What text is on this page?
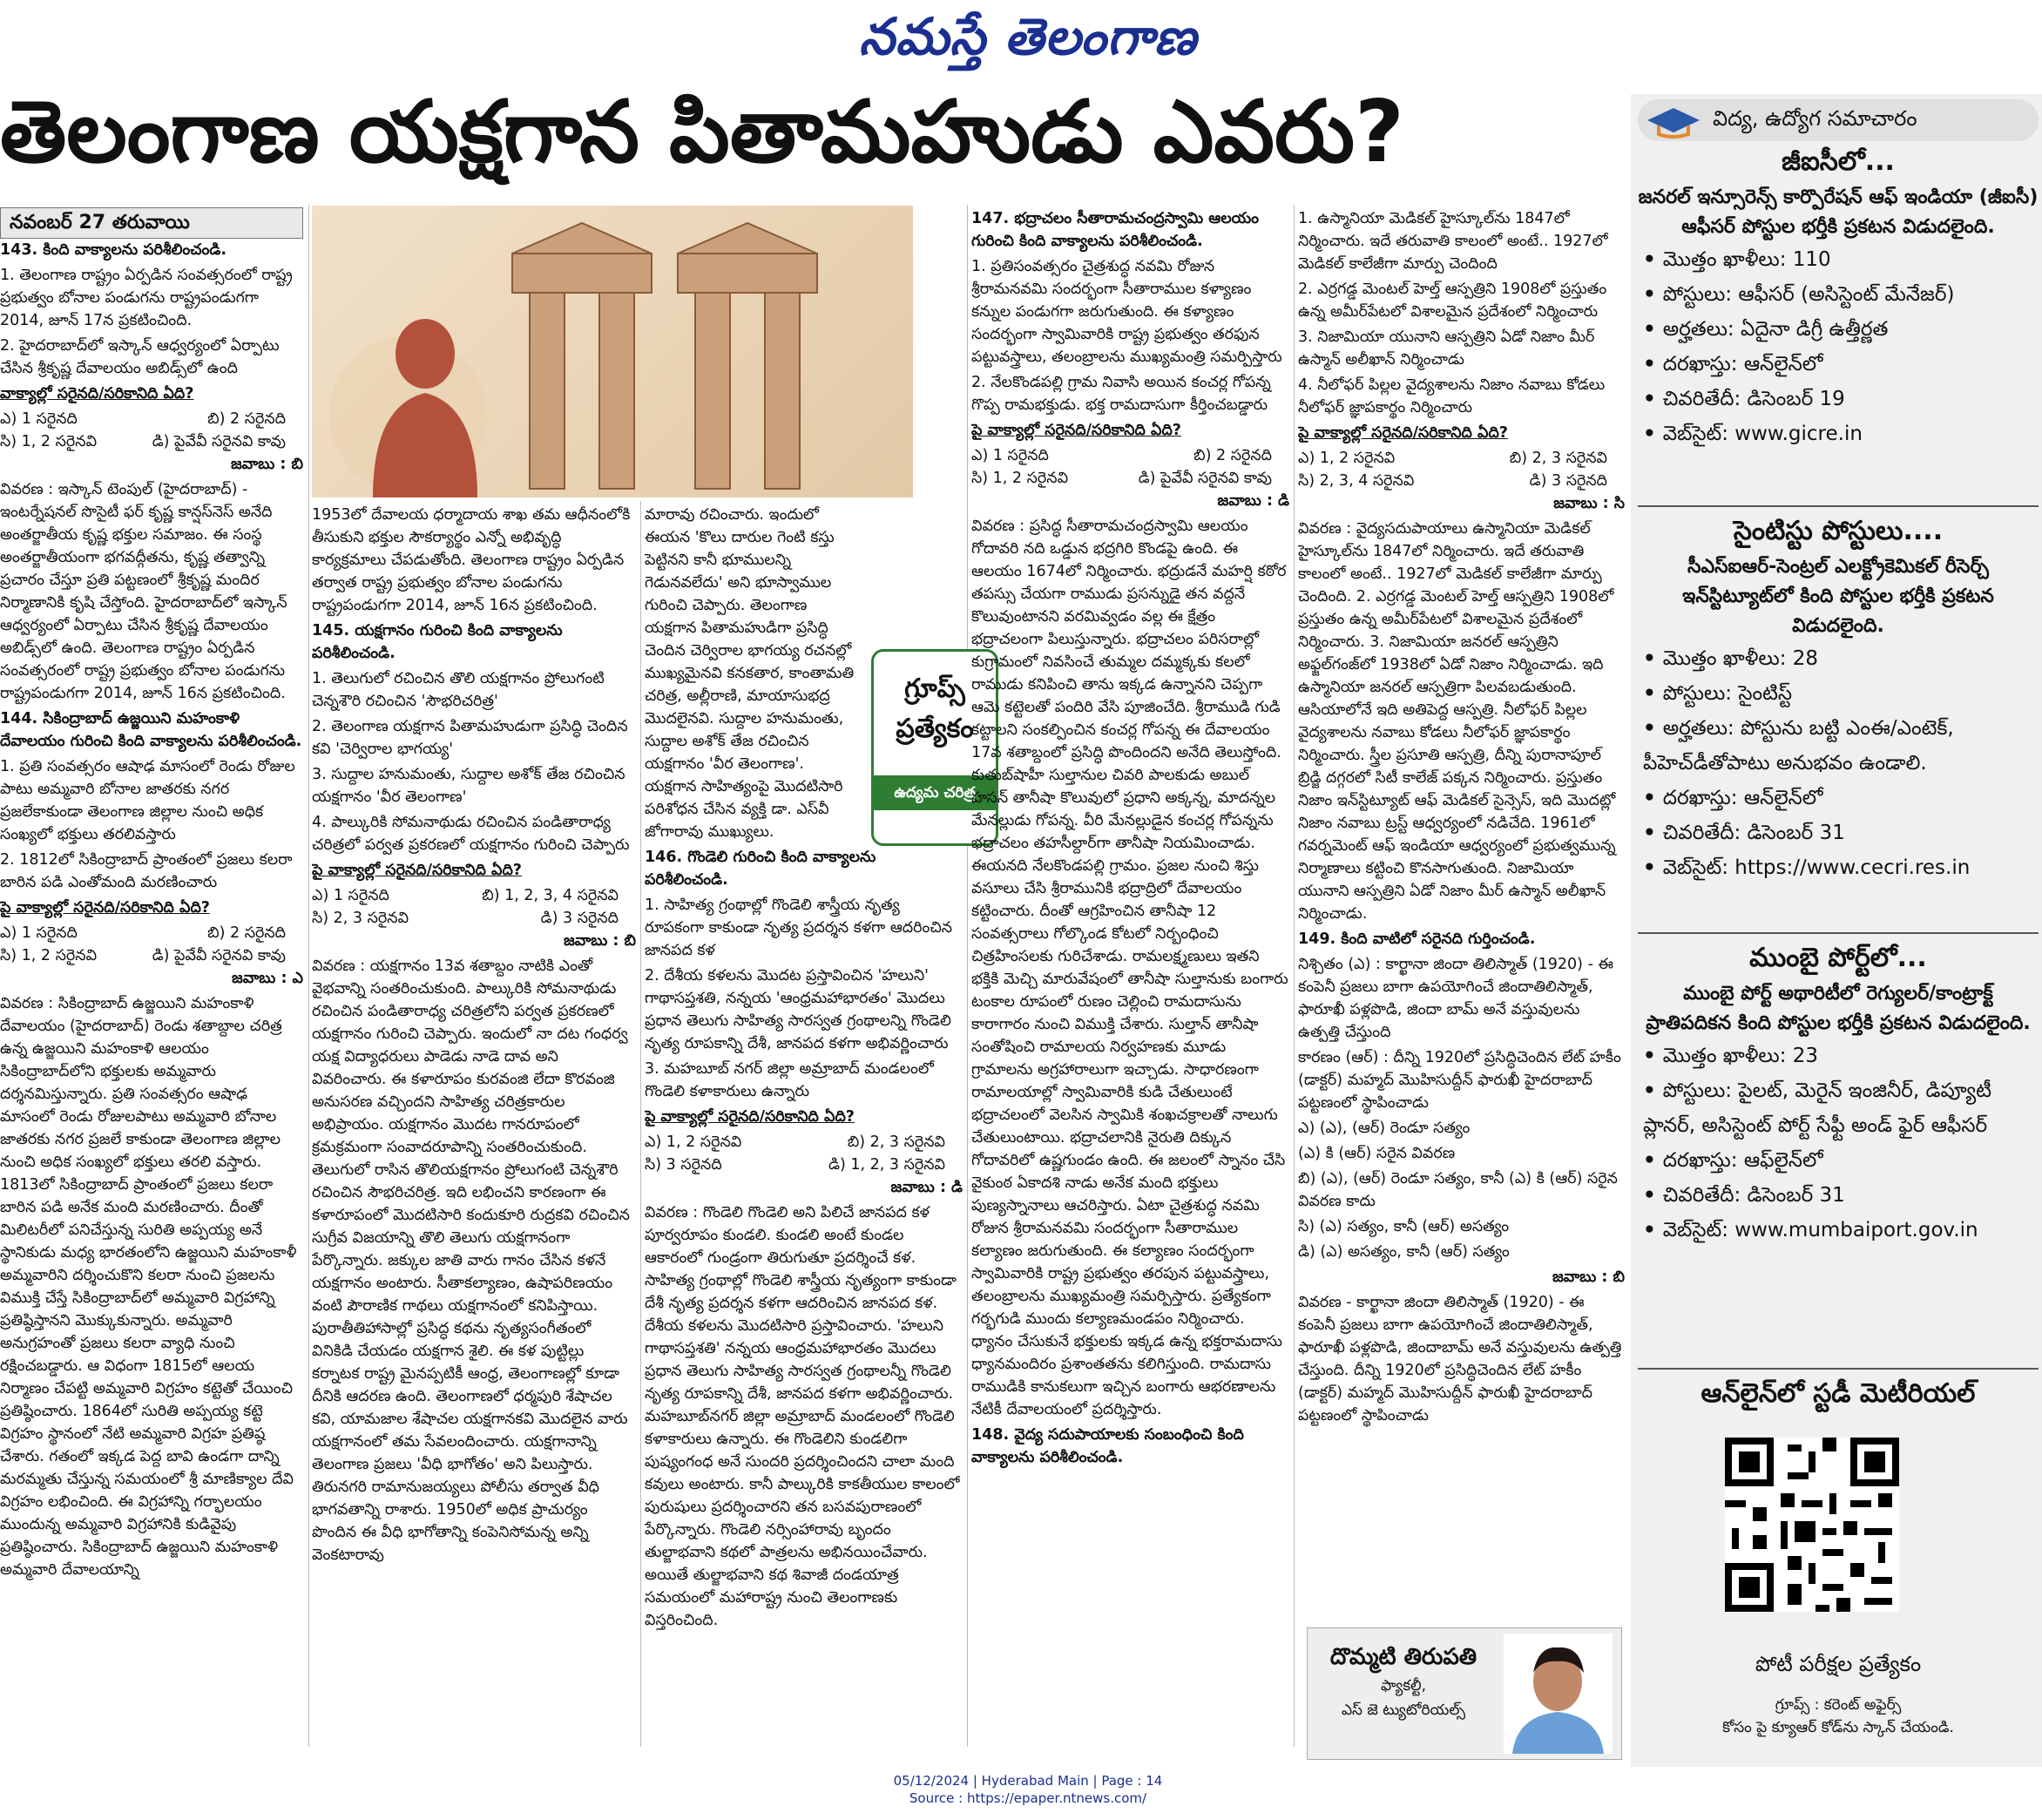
నమస్తే తెలంగాణ
తెలంగాణ యక్షగాన పితామహుడు ఎవరు?
నవంబర్ 27 తరువాయి

143. కింది వాక్యాలను పరిశీలించండి.

1. తెలంగాణ రాష్ట్రం ఏర్పడిన సంవత్సరంలో రాష్ట్ర ప్రభుత్వం బోనాల పండుగను రాష్ట్రపండుగగా 2014, జూన్ 17న ప్రకటించింది.

2. హైదరాబాద్‌లో ఇస్కాన్ ఆధ్వర్యంలో ఏర్పాటు చేసిన శ్రీకృష్ణ దేవాలయం అబిడ్స్‌లో ఉంది

వాక్యాల్లో సరైనది/సరికానిది ఏది?

ఎ) 1 సరైనది	బి) 2 సరైనది
సి) 1, 2 సరైనవి	డి) పైవేవీ సరైనవి కావు

జవాబు : బి

వివరణ : ఇస్కాన్ టెంపుల్ (హైదరాబాద్) - ఇంటర్నేషనల్ సొసైటీ ఫర్ కృష్ణ కాన్షస్‌నెస్ అనేది అంతర్జాతీయ కృష్ణ భక్తుల సమాజం. ఈ సంస్థ అంతర్జాతీయంగా భగవద్గీతను, కృష్ణ తత్వాన్ని ప్రచారం చేస్తూ ప్రతి పట్టణంలో శ్రీకృష్ణ మందిర నిర్మాణానికి కృషి చేస్తోంది. హైదరాబాద్‌లో ఇస్కాన్ ఆధ్వర్యంలో ఏర్పాటు చేసిన శ్రీకృష్ణ దేవాలయం అబిడ్స్‌లో ఉంది. తెలంగాణ రాష్ట్రం ఏర్పడిన సంవత్సరంలో రాష్ట్ర ప్రభుత్వం బోనాల పండుగను రాష్ట్రపండుగగా 2014, జూన్ 16న ప్రకటించింది.

144. సికింద్రాబాద్ ఉజ్జయిని మహంకాళి దేవాలయం గురించి కింది వాక్యాలను పరిశీలించండి.

1. ప్రతి సంవత్సరం ఆషాఢ మాసంలో రెండు రోజుల పాటు అమ్మవారి బోనాల జాతరకు నగర ప్రజలేకాకుండా తెలంగాణ జిల్లాల నుంచి అధిక సంఖ్యలో భక్తులు తరలివస్తారు

2. 1812లో సికింద్రాబాద్ ప్రాంతంలో ప్రజలు కలరా బారిన పడి ఎంతోమంది మరణించారు

పై వాక్యాల్లో సరైనది/సరికానిది ఏది?

ఎ) 1 సరైనది	బి) 2 సరైనది
సి) 1, 2 సరైనవి	డి) పైవేవీ సరైనవి కావు

జవాబు : ఎ

వివరణ : సికింద్రాబాద్ ఉజ్జయిని మహంకాళి దేవాలయం (హైదరాబాద్) రెండు శతాబ్దాల చరిత్ర ఉన్న ఉజ్జయిని మహంకాళి ఆలయం సికింద్రాబాద్‌లోని భక్తులకు అమ్మవారు దర్శనమిస్తున్నారు. ప్రతి సంవత్సరం ఆషాఢ మాసంలో రెండు రోజులపాటు అమ్మవారి బోనాల జాతరకు నగర ప్రజలే కాకుండా తెలంగాణ జిల్లాల నుంచి అధిక సంఖ్యలో భక్తులు తరలి వస్తారు. 1813లో సికింద్రాబాద్ ప్రాంతంలో ప్రజలు కలరా బారిన పడి అనేక మంది మరణించారు. దీంతో మిలిటరీలో పనిచేస్తున్న సురితి అప్పయ్య అనే స్థానికుడు మధ్య భారతంలోని ఉజ్జయిని మహంకాళీ అమ్మవారిని దర్శించుకొని కలరా నుంచి ప్రజలను విముక్తి చేస్తే సికింద్రాబాద్‌లో అమ్మవారి విగ్రహాన్ని ప్రతిష్ఠిస్తానని మొక్కుకున్నారు. అమ్మవారి అనుగ్రహంతో ప్రజలు కలరా వ్యాధి నుంచి రక్షించబడ్డారు. ఆ విధంగా 1815లో ఆలయ నిర్మాణం చేపట్టి అమ్మవారి విగ్రహం కట్టెతో చేయించి ప్రతిష్ఠించారు. 1864లో సురితి అప్పయ్య కట్టె విగ్రహం స్థానంలో నేటి అమ్మవారి విగ్రహ ప్రతిష్ఠ చేశారు. గతంలో ఇక్కడ పెద్ద బావి ఉండగా దాన్ని మరమ్మతు చేస్తున్న సమయంలో శ్రీ మాణిక్యాల దేవి విగ్రహం లభించింది. ఈ విగ్రహాన్ని గర్భాలయం ముందున్న అమ్మవారి విగ్రహానికి కుడివైపు ప్రతిష్ఠించారు. సికింద్రాబాద్ ఉజ్జయిని మహంకాళి అమ్మవారి దేవాలయాన్ని

1953లో దేవాలయ ధర్మాదాయ శాఖ తమ ఆధీనంలోకి తీసుకుని భక్తుల సౌకర్యార్థం ఎన్నో అభివృద్ధి కార్యక్రమాలు చేపడుతోంది. తెలంగాణ రాష్ట్రం ఏర్పడిన తర్వాత రాష్ట్ర ప్రభుత్వం బోనాల పండుగను రాష్ట్రపండుగగా 2014, జూన్ 16న ప్రకటించింది.

145. యక్షగానం గురించి కింది వాక్యాలను పరిశీలించండి.

1. తెలుగులో రచించిన తొలి యక్షగానం ప్రోలుగంటి చెన్నశౌరి రచించిన 'సౌభరిచరిత్ర'

2. తెలంగాణ యక్షగాన పితామహుడుగా ప్రసిద్ధి చెందిన కవి 'చెర్విరాల భాగయ్య'

3. సుద్దాల హనుమంతు, సుద్దాల అశోక్ తేజ రచించిన యక్షగానం 'వీర తెలంగాణ'

4. పాల్కురికి సోమనాథుడు రచించిన పండితారాధ్య చరిత్రలో పర్వత ప్రకరణలో యక్షగానం గురించి చెప్పారు

పై వాక్యాల్లో సరైనది/సరికానిది ఏది?

ఎ) 1 సరైనది	బి) 1, 2, 3, 4 సరైనవి
సి) 2, 3 సరైనవి	డి) 3 సరైనది

జవాబు : బి

వివరణ : యక్షగానం 13వ శతాబ్దం నాటికి ఎంతో వైభవాన్ని సంతరించుకుంది. పాల్కురికి సోమనాథుడు రచించిన పండితారాధ్య చరిత్రలోని పర్వత ప్రకరణలో యక్షగానం గురించి చెప్పారు. ఇందులో నా దట గంధర్వ యక్ష విద్యాధరులు పాడెడు నాడె దావ అని వివరించారు. ఈ కళారూపం కురవంజి లేదా కొరవంజి అనుసరణ వచ్చిందని సాహిత్య చరిత్రకారుల అభిప్రాయం. యక్షగానం మొదట గానరూపంలో క్రమక్రమంగా సంవాదరూపాన్ని సంతరించుకుంది. తెలుగులో రాసిన తొలియక్షగానం ప్రోలుగంటి చెన్నశౌరి రచించిన సౌభరిచరిత్ర. ఇది లభించని కారణంగా ఈ కళారూపంలో మొదటిసారి కందుకూరి రుద్రకవి రచించిన సుగ్రీవ విజయాన్ని తొలి తెలుగు యక్షగానంగా పేర్కొన్నారు. జక్కుల జాతి వారు గానం చేసిన కళనే యక్షగానం అంటారు. సీతాకల్యాణం, ఉషాపరిణయం వంటి పౌరాణిక గాథలు యక్షగానంలో కనిపిస్తాయి. పురాతీతిహాసాల్లో ప్రసిద్ధ కథను నృత్యసంగీతంలో వినికిడి చేయడం యక్షగాన శైలి. ఈ కళ పుట్టిల్లు కర్నాటక రాష్ట్ర మైనప్పటికీ ఆంధ్ర, తెలంగాణల్లో కూడా దీనికి ఆదరణ ఉంది. తెలంగాణలో ధర్మపురి శేషాచల కవి, యామజాల శేషాచల యక్షగానకవి మొదలైన వారు యక్షగానంలో తమ సేవలందించారు. యక్షగానాన్ని తెలంగాణ ప్రజలు 'వీధి భాగోతం' అని పిలుస్తారు. తిరునగరి రామానుజయ్యలు పోలీసు తర్వాత వీధి భాగవతాన్ని రాశారు. 1950లో అధిక ప్రాచుర్యం పొందిన ఈ వీధి భాగోతాన్ని కంపెనిసోమన్న అన్ని వెంకటారావు

మారావు రచించారు. ఇందులో ఈయన 'కొలు దారుల గెంటి కస్తు పెట్టినని కానీ భూములన్ని గెడునవలేదు' అని భూస్వాముల గురించి చెప్పారు. తెలంగాణ యక్షగాన పితామహుడిగా ప్రసిద్ధి చెందిన చెర్విరాల భాగయ్య రచనల్లో ముఖ్యమైనవి కనకతార, కాంతామతి చరిత్ర, అల్లీరాణి, మాయాసుభద్ర మొదలైనవి. సుద్దాల హనుమంతు, సుద్దాల అశోక్ తేజ రచించిన యక్షగానం 'వీర తెలంగాణ'. యక్షగాన సాహిత్యంపై మొదటిసారి పరిశోధన చేసిన వ్యక్తి డా. ఎస్‌వీ జోగారావు ముఖ్యులు.

146. గొండెలి గురించి కింది వాక్యాలను పరిశీలించండి.

1. సాహిత్య గ్రంథాల్లో గొండెలి శాస్త్రీయ నృత్య రూపకంగా కాకుండా నృత్య ప్రదర్శన కళగా ఆదరించిన జానపద కళ

2. దేశీయ కళలను మొదట ప్రస్తావించిన 'హలుని' గాథాసప్తశతి, నన్నయ 'ఆంధ్రమహాభారతం' మొదలు ప్రధాన తెలుగు సాహిత్య సారస్వత గ్రంథాలన్ని గొండెలి నృత్య రూపకాన్ని దేశీ, జానపద కళగా అభివర్ణించారు

3. మహబూబ్ నగర్ జిల్లా అమ్రాబాద్ మండలంలో గొండెలి కళాకారులు ఉన్నారు

పై వాక్యాల్లో సరైనది/సరికానిది ఏది?

ఎ) 1, 2 సరైనవి	బి) 2, 3 సరైనవి
సి) 3 సరైనది	డి) 1, 2, 3 సరైనవి

జవాబు : డి

వివరణ : గొండెలి గొండెలి అని పిలిచే జానపద కళ పూర్వరూపం కుండలి. కుండలి అంటే కుండల ఆకారంలో గుండ్రంగా తిరుగుతూ ప్రదర్శించే కళ. సాహిత్య గ్రంథాల్లో గొండెలి శాస్త్రీయ నృత్యంగా కాకుండా దేశీ నృత్య ప్రదర్శన కళగా ఆదరించిన జానపద కళ. దేశీయ కళలను మొదటిసారి ప్రస్తావించారు. 'హలుని గాథాసప్తశతి' నన్నయ ఆంధ్రమహాభారతం మొదలు ప్రధాన తెలుగు సాహిత్య సారస్వత గ్రంథాలన్నీ గొండెలి నృత్య రూపకాన్ని దేశీ, జానపద కళగా అభివర్ణించారు. మహబూబ్‌నగర్ జిల్లా అమ్రాబాద్ మండలంలో గొండెలి కళాకారులు ఉన్నారు. ఈ గొండెలిని కుండలిగా పుష్యంగంధ అనే సుందరి ప్రదర్శించిందని చాలా మంది కవులు అంటారు. కానీ పాల్కురికి కాకతీయుల కాలంలో పురుషులు ప్రదర్శించారని తన బసవపురాణంలో పేర్కొన్నారు. గొండెలి నర్సింహారావు బృందం తుల్జాభవాని కథలో పాత్రలను అభినయించేవారు. అయితే తుల్జాభవాని కథ శివాజీ దండయాత్ర సమయంలో మహారాష్ట్ర నుంచి తెలంగాణకు విస్తరించింది.

గ్రూప్స్
ప్రత్యేకం
ఉద్యమ చరిత్ర

147. భద్రాచలం సీతారామచంద్రస్వామి ఆలయం గురించి కింది వాక్యాలను పరిశీలించండి.

1. ప్రతిసంవత్సరం చైత్రశుద్ధ నవమి రోజున శ్రీరామనవమి సందర్భంగా సీతారాముల కళ్యాణం కన్నుల పండుగగా జరుగుతుంది. ఈ కళ్యాణం సందర్భంగా స్వామివారికి రాష్ట్ర ప్రభుత్వం తరఫున పట్టువస్త్రాలు, తలంబ్రాలను ముఖ్యమంత్రి సమర్పిస్తారు

2. నేలకొండపల్లి గ్రామ నివాసి అయిన కంచర్ల గోపన్న గొప్ప రామభక్తుడు. భక్త రామదాసుగా కీర్తించబడ్డారు

పై వాక్యాల్లో సరైనది/సరికానిది ఏది?

ఎ) 1 సరైనది	బి) 2 సరైనది
సి) 1, 2 సరైనవి	డి) పైవేవీ సరైనవి కావు

జవాబు : డి

వివరణ : ప్రసిద్ధ సీతారామచంద్రస్వామి ఆలయం గోదావరి నది ఒడ్డున భద్రగిరి కొండపై ఉంది. ఈ ఆలయం 1674లో నిర్మించారు. భద్రుడనే మహర్షి కఠోర తపస్సు చేయగా రాముడు ప్రసన్నుడై తన వద్దనే కొలువుంటానని వరమివ్వడం వల్ల ఈ క్షేత్రం భద్రాచలంగా పిలుస్తున్నారు. భద్రాచలం పరిసరాల్లో కుగ్రామంలో నివసించే తుమ్మల దమ్మక్కకు కలలో రాముడు కనిపించి తాను ఇక్కడ ఉన్నానని చెప్పగా ఆమె కట్టెలతో పందిరి వేసి పూజించేది. శ్రీరాముడి గుడి కట్టాలని సంకల్పించిన కంచర్ల గోపన్న ఈ దేవాలయం 17వ శతాబ్దంలో ప్రసిద్ధి పొందిందని అనేది తెలుస్తోంది. కుతుబ్‌షాహీ సుల్తానుల చివరి పాలకుడు అబుల్ హసన్ తానీషా కొలువులో ప్రధాని అక్కన్న, మాదన్నల మేనల్లుడు గోపన్న. వీరి మేనల్లుడైన కంచర్ల గోపన్నను భద్రాచలం తహసీల్దార్‌గా తానీషా నియమించాడు. ఈయనది నేలకొండపల్లి గ్రామం. ప్రజల నుంచి శిస్తు వసూలు చేసి శ్రీరామునికి భద్రాద్రిలో దేవాలయం కట్టించారు. దీంతో ఆగ్రహించిన తానీషా 12 సంవత్సరాలు గోల్కొండ కోటలో నిర్బంధించి చిత్రహింసలకు గురిచేశాడు. రామలక్ష్మణులు ఇతని భక్తికి మెచ్చి మారువేషంలో తానీషా సుల్తానుకు బంగారు టంకాల రూపంలో రుణం చెల్లించి రామదాసును కారాగారం నుంచి విముక్తి చేశారు. సుల్తాన్ తానీషా సంతోషించి రామాలయ నిర్వహణకు మూడు గ్రామాలను అగ్రహారాలుగా ఇచ్చాడు. సాధారణంగా రామాలయాల్లో స్వామివారికి కుడి చేతులుంటే భద్రాచలంలో వెలసిన స్వామికి శంఖచక్రాలతో నాలుగు చేతులుంటాయి. భద్రాచలానికి నైరుతి దిక్కున గోదావరిలో ఉష్ణగుండం ఉంది. ఈ జలంలో స్నానం చేసి వైకుంఠ ఏకాదశి నాడు అనేక మంది భక్తులు పుణ్యస్నానాలు ఆచరిస్తారు. ఏటా చైత్రశుద్ధ నవమి రోజున శ్రీరామనవమి సందర్భంగా సీతారాముల కల్యాణం జరుగుతుంది. ఈ కల్యాణం సందర్భంగా స్వామివారికి రాష్ట్ర ప్రభుత్వం తరపున పట్టువస్త్రాలు, తలంబ్రాలను ముఖ్యమంత్రి సమర్పిస్తారు. ప్రత్యేకంగా గర్భగుడి ముందు కల్యాణమండపం నిర్మించారు. ధ్యానం చేసుకునే భక్తులకు ఇక్కడ ఉన్న భక్తరామదాసు ధ్యానమందిరం ప్రశాంతతను కలిగిస్తుంది. రామదాసు రాముడికి కానుకలుగా ఇచ్చిన బంగారు ఆభరణాలను నేటికీ దేవాలయంలో ప్రదర్శిస్తారు.

148. వైద్య సదుపాయాలకు సంబంధించి కింది వాక్యాలను పరిశీలించండి.

1. ఉస్మానియా మెడికల్ హైస్కూల్‌ను 1847లో నిర్మించారు. ఇదే తరువాతి కాలంలో అంటే.. 1927లో మెడికల్ కాలేజీగా మార్పు చెందింది

2. ఎర్రగడ్డ మెంటల్ హెల్త్ ఆస్పత్రిని 1908లో ప్రస్తుతం ఉన్న అమీర్‌పేటలో విశాలమైన ప్రదేశంలో నిర్మించారు

3. నిజామియా యునాని ఆస్పత్రిని ఏడో నిజాం మీర్ ఉస్మాన్ అలీఖాన్ నిర్మించాడు

4. నీలోఫర్ పిల్లల వైద్యశాలను నిజాం నవాబు కోడలు నీలోఫర్ జ్ఞాపకార్థం నిర్మించారు

పై వాక్యాల్లో సరైనది/సరికానిది ఏది?

ఎ) 1, 2 సరైనవి	బి) 2, 3 సరైనవి
సి) 2, 3, 4 సరైనవి	డి) 3 సరైనది

జవాబు : సి

వివరణ : వైద్యసదుపాయాలు ఉస్మానియా మెడికల్ హైస్కూల్‌ను 1847లో నిర్మించారు. ఇదే తరువాతి కాలంలో అంటే.. 1927లో మెడికల్ కాలేజీగా మార్పు చెందింది. 2. ఎర్రగడ్డ మెంటల్ హెల్త్ ఆస్పత్రిని 1908లో ప్రస్తుతం ఉన్న అమీర్‌పేటలో విశాలమైన ప్రదేశంలో నిర్మించారు. 3. నిజామియా జనరల్ ఆస్పత్రిని అఫ్జల్‌గంజ్‌లో 1938లో ఏడో నిజాం నిర్మించాడు. ఇది ఉస్మానియా జనరల్ ఆస్పత్రిగా పిలవబడుతుంది. ఆసియాలోనే ఇది అతిపెద్ద ఆస్పత్రి. నీలోఫర్ పిల్లల వైద్యశాలను నవాబు కోడలు నీలోఫర్ జ్ఞాపకార్థం నిర్మించారు. స్త్రీల ప్రసూతి ఆస్పత్రి, దీన్ని పురానాపూల్ బ్రిడ్జి దగ్గరలో సిటీ కాలేజ్ పక్కన నిర్మించారు. ప్రస్తుతం నిజాం ఇన్‌స్టిట్యూట్ ఆఫ్ మెడికల్ సైన్సెస్, ఇది మొదట్లో నిజాం నవాబు ట్రస్ట్ ఆధ్వర్యంలో నడిచేది. 1961లో గవర్నమెంట్ ఆఫ్ ఇండియా ఆధ్వర్యంలో ప్రభుత్వమున్న నిర్మాణాలు కట్టించి కొనసాగుతుంది. నిజామియా యునాని ఆస్పత్రిని ఏడో నిజాం మీర్ ఉస్మాన్ అలీఖాన్ నిర్మించాడు.

149. కింది వాటిలో సరైనది గుర్తించండి.

నిశ్చితం (ఎ) : కార్ఖానా జిందా తిలిస్మాత్ (1920) - ఈ కంపెనీ ప్రజలు బాగా ఉపయోగించే జిందాతిలిస్మాత్, ఫారూఖీ పళ్లపొడి, జిందా బామ్ అనే వస్తువులను ఉత్పత్తి చేస్తుంది

కారణం (ఆర్) : దీన్ని 1920లో ప్రసిద్ధిచెందిన లేట్ హకీం (డాక్టర్) మహ్మద్ మొహిసుద్దీన్ ఫారుఖీ హైదరాబాద్ పట్టణంలో స్థాపించాడు

ఎ) (ఎ), (ఆర్) రెండూ సత్యం

(ఎ) కి (ఆర్) సరైన వివరణ

బి) (ఎ), (ఆర్) రెండూ సత్యం, కానీ (ఎ) కి (ఆర్) సరైన వివరణ కాదు

సి) (ఎ) సత్యం, కానీ (ఆర్) అసత్యం

డి) (ఎ) అసత్యం, కానీ (ఆర్) సత్యం

జవాబు : బి

వివరణ - కార్ఖానా జిందా తిలిస్మాత్ (1920) - ఈ కంపెనీ ప్రజలు బాగా ఉపయోగించే జిందాతిలిస్మాత్, ఫారూఖీ పళ్లపొడి, జిందాబామ్ అనే వస్తువులను ఉత్పత్తి చేస్తుంది. దీన్ని 1920లో ప్రసిద్ధిచెందిన లేట్ హకీం (డాక్టర్) మహ్మద్ మొహిసుద్దీన్ ఫారుఖీ హైదరాబాద్ పట్టణంలో స్థాపించాడు

దొమ్మటి తిరుపతి
ఫ్యాకల్టీ,
ఎస్ జె ట్యుటోరియల్స్
విద్య, ఉద్యోగ సమాచారం
జీఐసీలో...
జనరల్ ఇన్సూరెన్స్ కార్పొరేషన్ ఆఫ్ ఇండియా (జీఐసీ) ఆఫీసర్ పోస్టుల భర్తీకి ప్రకటన విడుదలైంది.
• మొత్తం ఖాళీలు: 110
• పోస్టులు: ఆఫీసర్ (అసిస్టెంట్ మేనేజర్)
• అర్హతలు: ఏదైనా డిగ్రీ ఉత్తీర్ణత
• దరఖాస్తు: ఆన్‌లైన్‌లో
• చివరితేదీ: డిసెంబర్ 19
• వెబ్‌సైట్: www.gicre.in
సైంటిస్టు పోస్టులు....
సీఎస్ఐఆర్-సెంట్రల్ ఎలక్ట్రోకెమికల్ రీసెర్చ్ ఇన్‌స్టిట్యూట్‌లో కింది పోస్టుల భర్తీకి ప్రకటన విడుదలైంది.
• మొత్తం ఖాళీలు: 28
• పోస్టులు: సైంటిస్ట్
• అర్హతలు: పోస్టును బట్టి ఎంఈ/ఎంటెక్, పీహెచ్‌డీతోపాటు అనుభవం ఉండాలి.
• దరఖాస్తు: ఆన్‌లైన్‌లో
• చివరితేదీ: డిసెంబర్ 31
• వెబ్‌సైట్: https://www.cecri.res.in
ముంబై పోర్ట్‌లో...
ముంబై పోర్ట్ అథారిటీలో రెగ్యులర్/కాంట్రాక్ట్ ప్రాతిపదికన కింది పోస్టుల భర్తీకి ప్రకటన విడుదలైంది.
• మొత్తం ఖాళీలు: 23
• పోస్టులు: పైలట్, మెరైన్ ఇంజినీర్, డిప్యూటీ ప్లానర్, అసిస్టెంట్ పోర్ట్ సేఫ్టీ అండ్ ఫైర్ ఆఫీసర్
• దరఖాస్తు: ఆఫ్‌లైన్‌లో
• చివరితేదీ: డిసెంబర్ 31
• వెబ్‌సైట్: www.mumbaiport.gov.in
ఆన్‌లైన్‌లో స్టడీ మెటీరియల్
పోటీ పరీక్షల ప్రత్యేకం
గ్రూప్స్ : కరెంట్ అఫైర్స్
కోసం పై క్యూఆర్ కోడ్‌ను స్కాన్ చేయండి.
05/12/2024 | Hyderabad Main | Page : 14
Source : https://epaper.ntnews.com/
